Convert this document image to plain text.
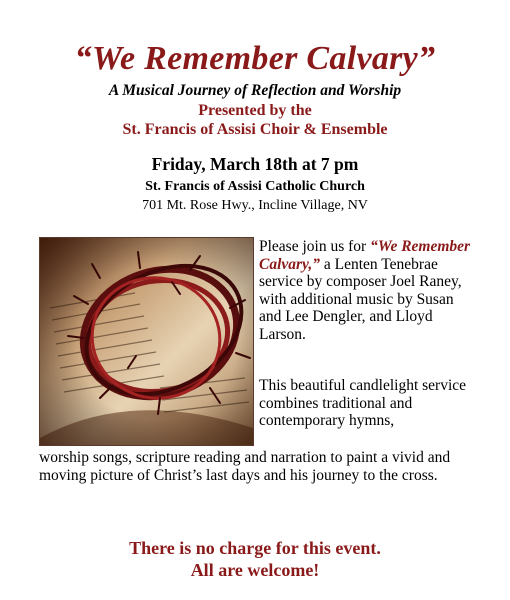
“We Remember Calvary”
A Musical Journey of Reflection and Worship
Presented by the
St. Francis of Assisi Choir & Ensemble
Friday, March 18th at 7 pm
St. Francis of Assisi Catholic Church
701 Mt. Rose Hwy., Incline Village, NV
Please join us for “We Remember Calvary,” a Lenten Tenebrae service by composer Joel Raney, with additional music by Susan and Lee Dengler, and Lloyd Larson.
This beautiful candlelight service combines traditional and contemporary hymns,
worship songs, scripture reading and narration to paint a vivid and moving picture of Christ’s last days and his journey to the cross.
There is no charge for this event.
All are welcome!
